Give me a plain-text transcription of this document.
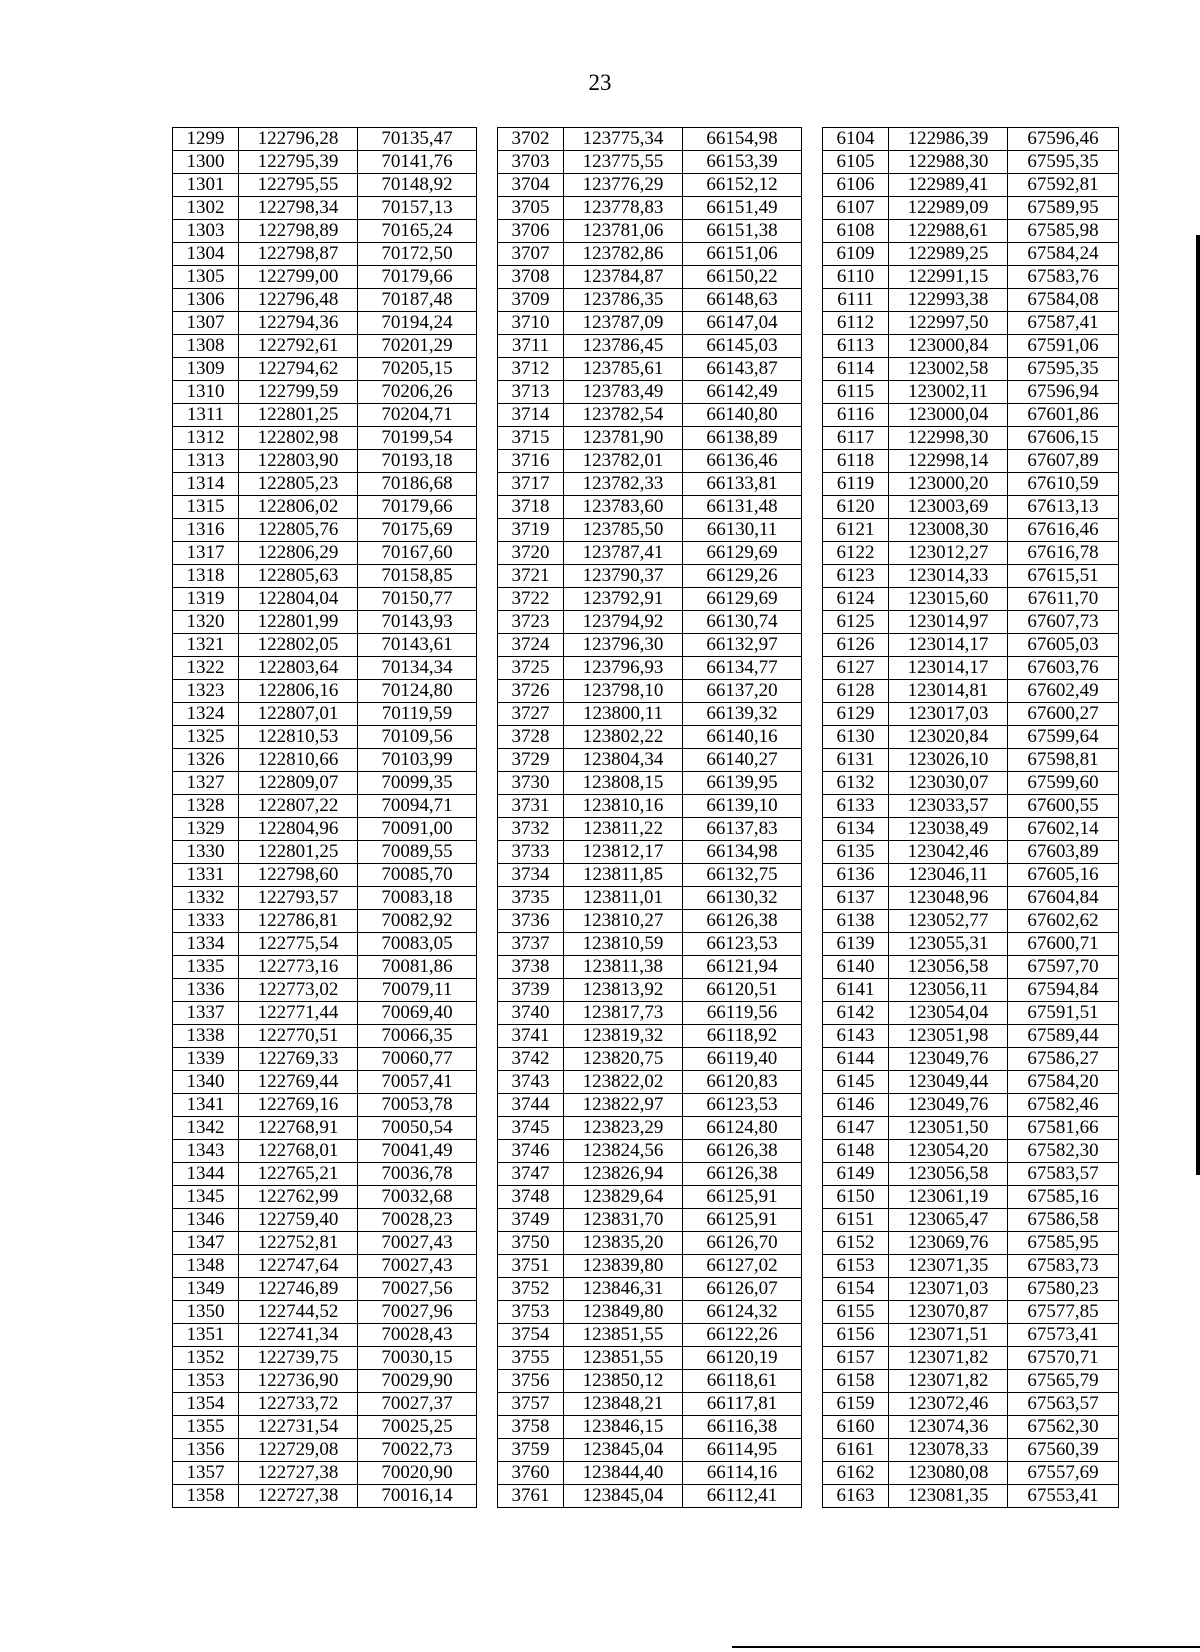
23
1299	122796,28	70135,47		3702	123775,34	66154,98		6104	122986,39	67596,46
1300	122795,39	70141,76		3703	123775,55	66153,39		6105	122988,30	67595,35
1301	122795,55	70148,92		3704	123776,29	66152,12		6106	122989,41	67592,81
1302	122798,34	70157,13		3705	123778,83	66151,49		6107	122989,09	67589,95
1303	122798,89	70165,24		3706	123781,06	66151,38		6108	122988,61	67585,98
1304	122798,87	70172,50		3707	123782,86	66151,06		6109	122989,25	67584,24
1305	122799,00	70179,66		3708	123784,87	66150,22		6110	122991,15	67583,76
1306	122796,48	70187,48		3709	123786,35	66148,63		6111	122993,38	67584,08
1307	122794,36	70194,24		3710	123787,09	66147,04		6112	122997,50	67587,41
1308	122792,61	70201,29		3711	123786,45	66145,03		6113	123000,84	67591,06
1309	122794,62	70205,15		3712	123785,61	66143,87		6114	123002,58	67595,35
1310	122799,59	70206,26		3713	123783,49	66142,49		6115	123002,11	67596,94
1311	122801,25	70204,71		3714	123782,54	66140,80		6116	123000,04	67601,86
1312	122802,98	70199,54		3715	123781,90	66138,89		6117	122998,30	67606,15
1313	122803,90	70193,18		3716	123782,01	66136,46		6118	122998,14	67607,89
1314	122805,23	70186,68		3717	123782,33	66133,81		6119	123000,20	67610,59
1315	122806,02	70179,66		3718	123783,60	66131,48		6120	123003,69	67613,13
1316	122805,76	70175,69		3719	123785,50	66130,11		6121	123008,30	67616,46
1317	122806,29	70167,60		3720	123787,41	66129,69		6122	123012,27	67616,78
1318	122805,63	70158,85		3721	123790,37	66129,26		6123	123014,33	67615,51
1319	122804,04	70150,77		3722	123792,91	66129,69		6124	123015,60	67611,70
1320	122801,99	70143,93		3723	123794,92	66130,74		6125	123014,97	67607,73
1321	122802,05	70143,61		3724	123796,30	66132,97		6126	123014,17	67605,03
1322	122803,64	70134,34		3725	123796,93	66134,77		6127	123014,17	67603,76
1323	122806,16	70124,80		3726	123798,10	66137,20		6128	123014,81	67602,49
1324	122807,01	70119,59		3727	123800,11	66139,32		6129	123017,03	67600,27
1325	122810,53	70109,56		3728	123802,22	66140,16		6130	123020,84	67599,64
1326	122810,66	70103,99		3729	123804,34	66140,27		6131	123026,10	67598,81
1327	122809,07	70099,35		3730	123808,15	66139,95		6132	123030,07	67599,60
1328	122807,22	70094,71		3731	123810,16	66139,10		6133	123033,57	67600,55
1329	122804,96	70091,00		3732	123811,22	66137,83		6134	123038,49	67602,14
1330	122801,25	70089,55		3733	123812,17	66134,98		6135	123042,46	67603,89
1331	122798,60	70085,70		3734	123811,85	66132,75		6136	123046,11	67605,16
1332	122793,57	70083,18		3735	123811,01	66130,32		6137	123048,96	67604,84
1333	122786,81	70082,92		3736	123810,27	66126,38		6138	123052,77	67602,62
1334	122775,54	70083,05		3737	123810,59	66123,53		6139	123055,31	67600,71
1335	122773,16	70081,86		3738	123811,38	66121,94		6140	123056,58	67597,70
1336	122773,02	70079,11		3739	123813,92	66120,51		6141	123056,11	67594,84
1337	122771,44	70069,40		3740	123817,73	66119,56		6142	123054,04	67591,51
1338	122770,51	70066,35		3741	123819,32	66118,92		6143	123051,98	67589,44
1339	122769,33	70060,77		3742	123820,75	66119,40		6144	123049,76	67586,27
1340	122769,44	70057,41		3743	123822,02	66120,83		6145	123049,44	67584,20
1341	122769,16	70053,78		3744	123822,97	66123,53		6146	123049,76	67582,46
1342	122768,91	70050,54		3745	123823,29	66124,80		6147	123051,50	67581,66
1343	122768,01	70041,49		3746	123824,56	66126,38		6148	123054,20	67582,30
1344	122765,21	70036,78		3747	123826,94	66126,38		6149	123056,58	67583,57
1345	122762,99	70032,68		3748	123829,64	66125,91		6150	123061,19	67585,16
1346	122759,40	70028,23		3749	123831,70	66125,91		6151	123065,47	67586,58
1347	122752,81	70027,43		3750	123835,20	66126,70		6152	123069,76	67585,95
1348	122747,64	70027,43		3751	123839,80	66127,02		6153	123071,35	67583,73
1349	122746,89	70027,56		3752	123846,31	66126,07		6154	123071,03	67580,23
1350	122744,52	70027,96		3753	123849,80	66124,32		6155	123070,87	67577,85
1351	122741,34	70028,43		3754	123851,55	66122,26		6156	123071,51	67573,41
1352	122739,75	70030,15		3755	123851,55	66120,19		6157	123071,82	67570,71
1353	122736,90	70029,90		3756	123850,12	66118,61		6158	123071,82	67565,79
1354	122733,72	70027,37		3757	123848,21	66117,81		6159	123072,46	67563,57
1355	122731,54	70025,25		3758	123846,15	66116,38		6160	123074,36	67562,30
1356	122729,08	70022,73		3759	123845,04	66114,95		6161	123078,33	67560,39
1357	122727,38	70020,90		3760	123844,40	66114,16		6162	123080,08	67557,69
1358	122727,38	70016,14		3761	123845,04	66112,41		6163	123081,35	67553,41
